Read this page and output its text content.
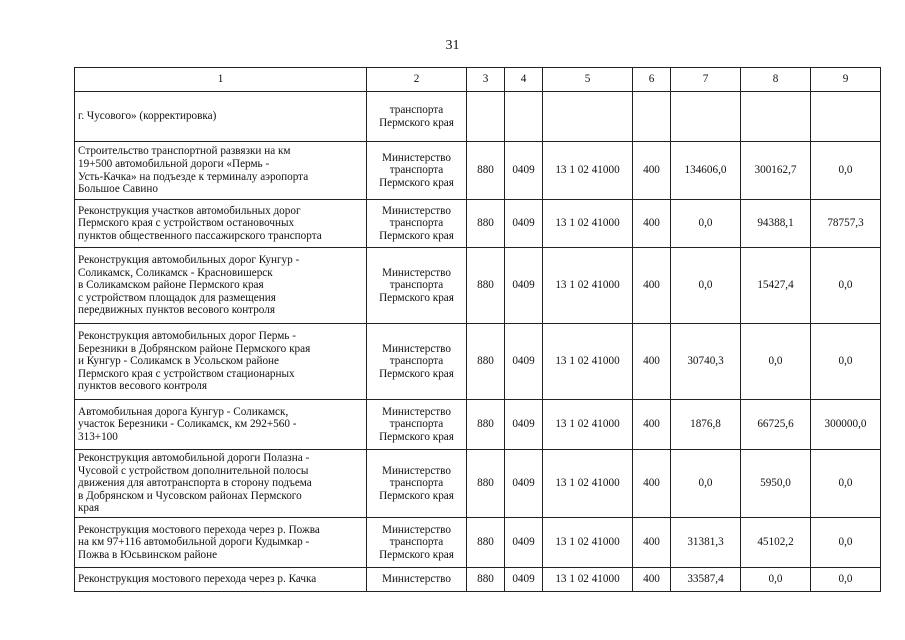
31
1	2	3	4	5	6	7	8	9
г. Чусового» (корректировка)	транспорта
Пермского края							
Строительство транспортной развязки на км
19+500 автомобильной дороги «Пермь -
Усть-Качка» на подъезде к терминалу аэропорта
Большое Савино	Министерство
транспорта
Пермского края	880	0409	13 1 02 41000	400	134606,0	300162,7	0,0
Реконструкция участков автомобильных дорог
Пермского края с устройством остановочных
пунктов общественного пассажирского транспорта	Министерство
транспорта
Пермского края	880	0409	13 1 02 41000	400	0,0	94388,1	78757,3
Реконструкция автомобильных дорог Кунгур -
Соликамск, Соликамск - Красновишерск
в Соликамском районе Пермского края
с устройством площадок для размещения
передвижных пунктов весового контроля	Министерство
транспорта
Пермского края	880	0409	13 1 02 41000	400	0,0	15427,4	0,0
Реконструкция автомобильных дорог Пермь -
Березники в Добрянском районе Пермского края
и Кунгур - Соликамск в Усольском районе
Пермского края с устройством стационарных
пунктов весового контроля	Министерство
транспорта
Пермского края	880	0409	13 1 02 41000	400	30740,3	0,0	0,0
Автомобильная дорога Кунгур - Соликамск,
участок Березники - Соликамск, км 292+560 -
313+100	Министерство
транспорта
Пермского края	880	0409	13 1 02 41000	400	1876,8	66725,6	300000,0
Реконструкция автомобильной дороги Полазна -
Чусовой с устройством дополнительной полосы
движения для автотранспорта в сторону подъема
в Добрянском и Чусовском районах Пермского
края	Министерство
транспорта
Пермского края	880	0409	13 1 02 41000	400	0,0	5950,0	0,0
Реконструкция мостового перехода через р. Пожва
на км 97+116 автомобильной дороги Кудымкар -
Пожва в Юсьвинском районе	Министерство
транспорта
Пермского края	880	0409	13 1 02 41000	400	31381,3	45102,2	0,0
Реконструкция мостового перехода через р. Качка	Министерство	880	0409	13 1 02 41000	400	33587,4	0,0	0,0
